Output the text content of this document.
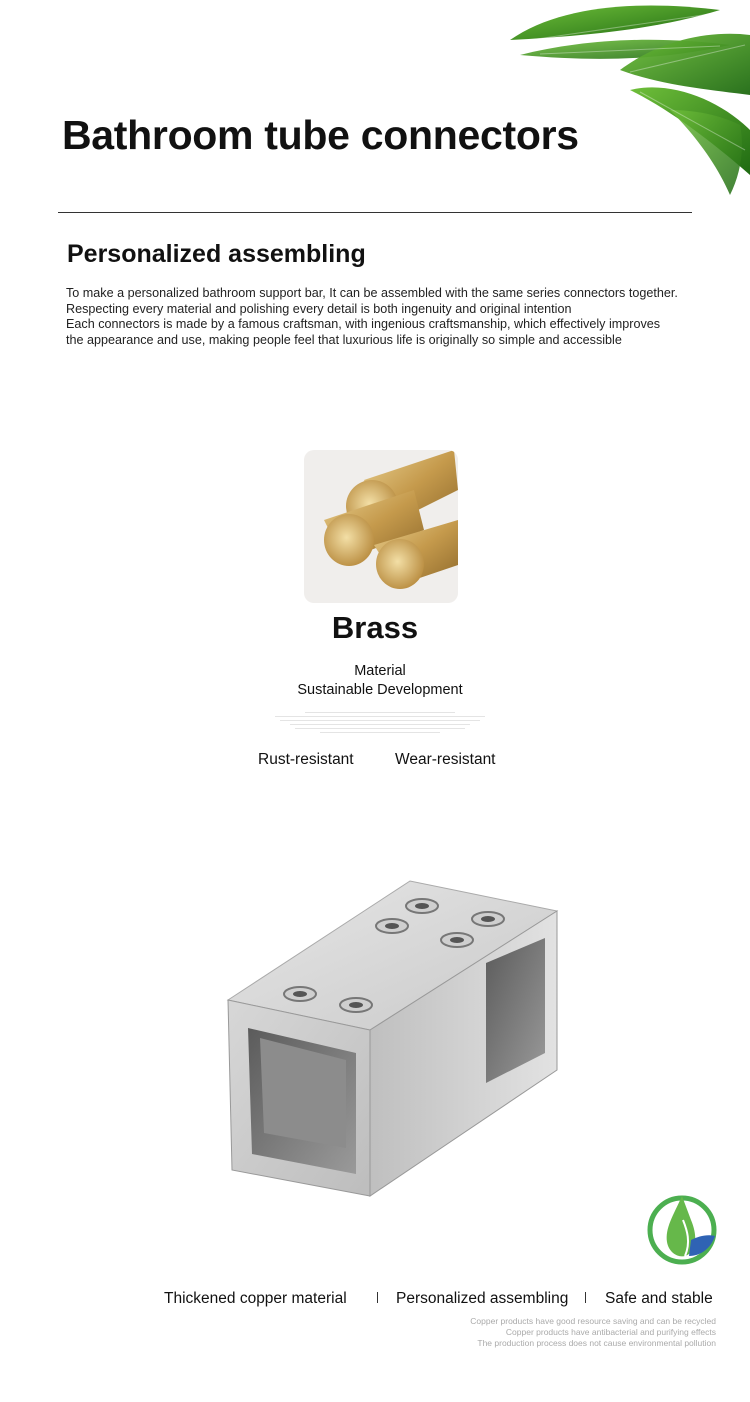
Bathroom tube connectors
Personalized assembling
To make a personalized bathroom support bar, It can be assembled with the same series connectors together.
Respecting every material and polishing every detail is both ingenuity and original intention
Each connectors is made by a famous craftsman, with ingenious craftsmanship, which effectively improves
the appearance and use, making people feel that luxurious life is originally so simple and accessible
Brass
Material
Sustainable Development
Rust-resistant	Wear-resistant
Thickened copper material	Personalized assembling Safe and stable
Copper products have good resource saving and can be recycled
Copper products have antibacterial and purifying effects
The production process does not cause environmental pollution
